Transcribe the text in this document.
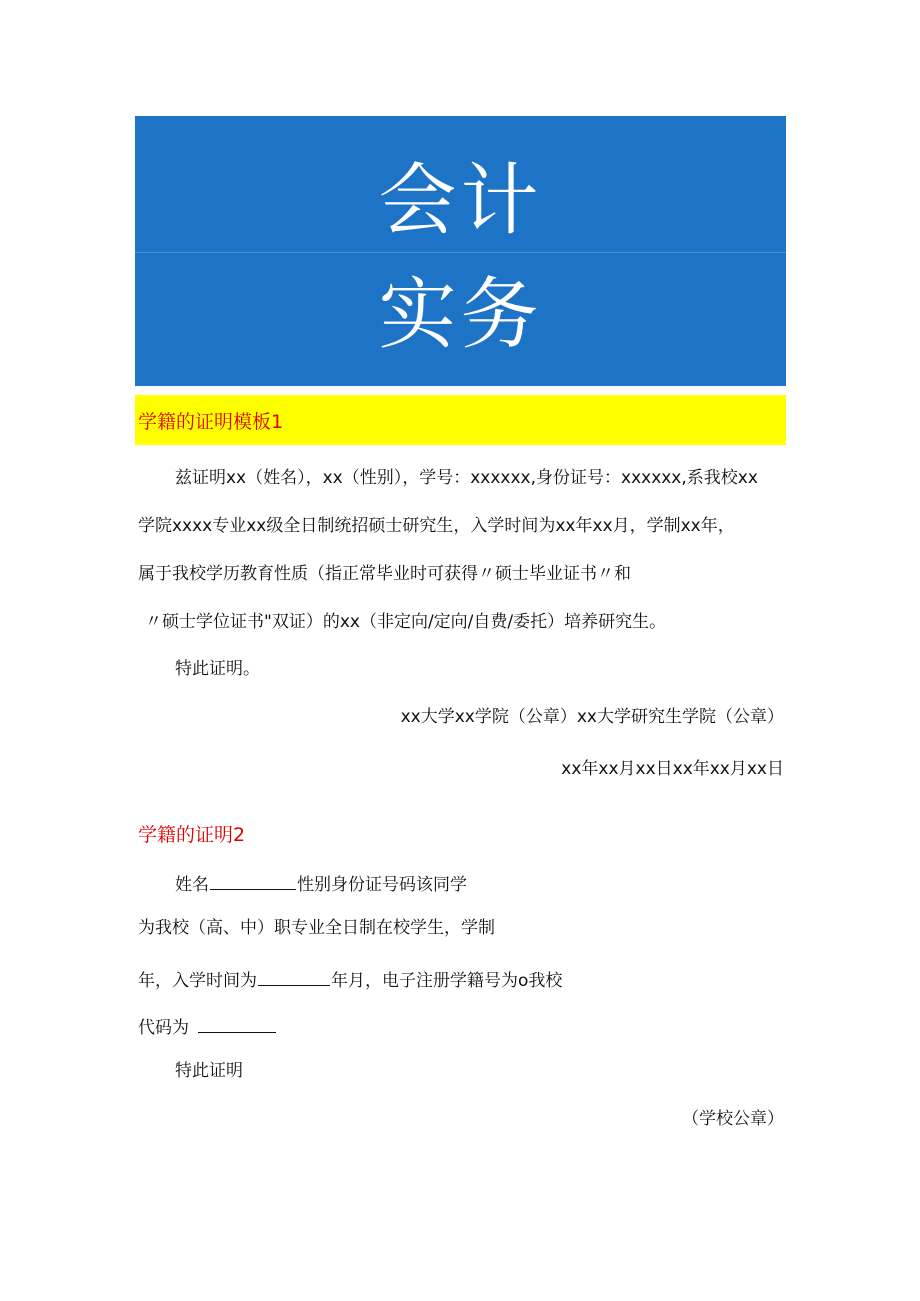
会计
实务
学籍的证明模板1
兹证明xx（姓名），xx（性别），学号：xxxxxx,身份证号：xxxxxx,系我校xx
学院xxxx专业xx级全日制统招硕士研究生，入学时间为xx年xx月，学制xx年，
属于我校学历教育性质（指正常毕业时可获得〃硕士毕业证书〃和
〃硕士学位证书"双证）的xx（非定向/定向/自费/委托）培养研究生。
特此证明。
xx大学xx学院（公章）xx大学研究生学院（公章）
xx年xx月xx日xx年xx月xx日
学籍的证明2
姓名	性别身份证号码该同学
为我校（高、中）职专业全日制在校学生，学制
年，入学时间为	年月，电子注册学籍号为o我校
代码为
特此证明
（学校公章）
